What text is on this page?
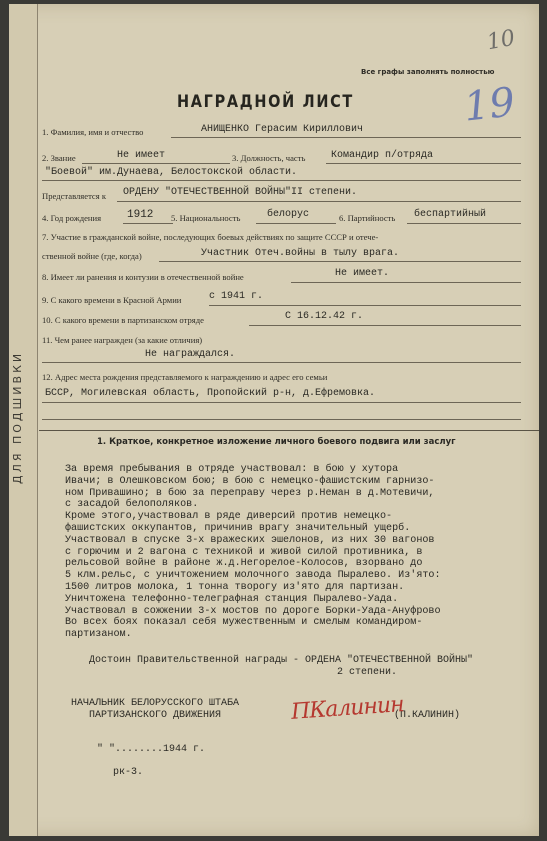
ДЛЯ ПОДШИВКИ
10
Все графы заполнять полностью
19
НАГРАДНОЙ ЛИСТ
1. Фамилия, имя и отчество	АНИЩЕНКО Герасим Кириллович
2. Звание	Не имеет	3. Должность, часть	Командир п/отряда
"Боевой" им.Дунаева, Белостокской области.
Представляется к ОРДЕНУ "ОТЕЧЕСТВЕННОЙ ВОЙНЫ"II степени.
4. Год рождения 1912 5. Национальность	белорус	6. Партийность беспартийный
7. Участие в гражданской войне, последующих боевых действиях по защите СССР и отече-
ственной войне (где, когда)	Участник Отеч.войны в тылу врага.
8. Имеет ли ранения и контузии в отечественной войне	Не имеет.
9. С какого времени в Красной Армии	с 1941 г.
10. С какого времени в партизанском отряде	С 16.12.42 г.
11. Чем ранее награжден (за какие отличия)
Не награждался.
12. Адрес места рождения представляемого к награждению и адрес его семьи
БССР, Могилевская область, Пропойский р-н, д.Ефремовка.
1. Краткое, конкретное изложение личного боевого подвига или заслуг
За время пребывания в отряде участвовал: в бою у хутора
Ивачи; в Олешковском бою; в бою с немецко-фашистским гарнизо-
ном Привашино; в бою за переправу через р.Неман в д.Мотевичи,
с засадой белополяков.
Кроме этого,участвовал в ряде диверсий против немецко-
фашистских оккупантов, причинив врагу значительный ущерб.
Участвовал в спуске 3-х вражеских эшелонов, из них 30 вагонов
с горючим и 2 вагона с техникой и живой силой противника, в
рельсовой войне в районе ж.д.Негорелое-Колосов, взорвано до
5 клм.рельс, с уничтожением молочного завода Пыралево. Из'ято:
1500 литров молока, 1 тонна творогу из'ято для партизан.
Уничтожена телефонно-телеграфная станция Пыралево-Уада.
Участвовал в сожжении 3-х мостов по дороге Борки-Уада-Ануфрово
Во всех боях показал себя мужественным и смелым командиром-
партизаном.
Достоин Правительственной награды - ОРДЕНА "ОТЕЧЕСТВЕННОЙ ВОЙНЫ"
2 степени.
НАЧАЛЬНИК БЕЛОРУССКОГО ШТАБА
ПАРТИЗАНСКОГО ДВИЖЕНИЯ	(П.КАЛИНИН)
ПКалинин
" "........1944 г.
рк-3.
